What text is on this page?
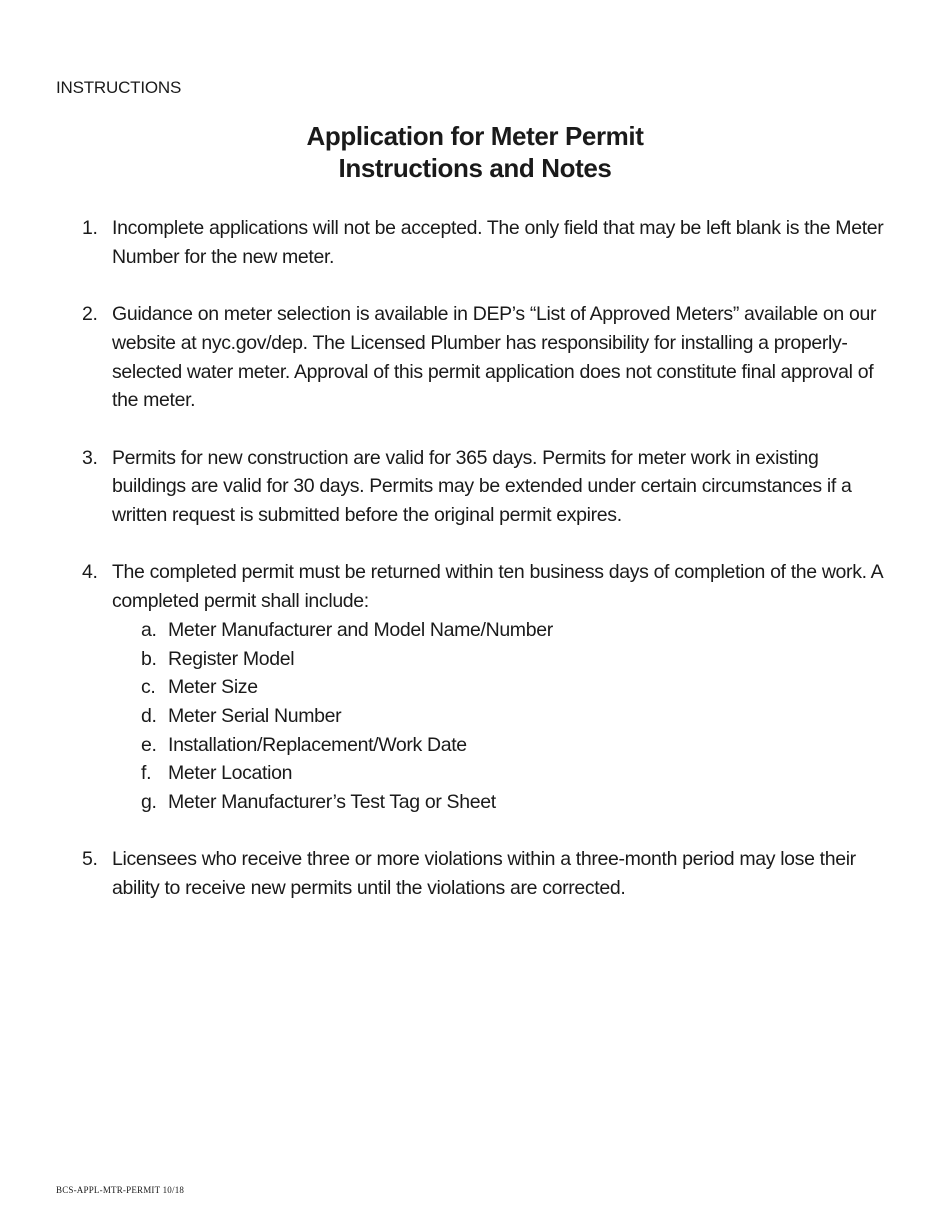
INSTRUCTIONS
Application for Meter Permit
Instructions and Notes
1. Incomplete applications will not be accepted. The only field that may be left blank is the Meter Number for the new meter.
2. Guidance on meter selection is available in DEP’s “List of Approved Meters” available on our website at nyc.gov/dep. The Licensed Plumber has responsibility for installing a properly-selected water meter. Approval of this permit application does not constitute final approval of the meter.
3. Permits for new construction are valid for 365 days. Permits for meter work in existing buildings are valid for 30 days. Permits may be extended under certain circumstances if a written request is submitted before the original permit expires.
4. The completed permit must be returned within ten business days of completion of the work. A completed permit shall include:
a. Meter Manufacturer and Model Name/Number
b. Register Model
c. Meter Size
d. Meter Serial Number
e. Installation/Replacement/Work Date
f. Meter Location
g. Meter Manufacturer’s Test Tag or Sheet
5. Licensees who receive three or more violations within a three-month period may lose their ability to receive new permits until the violations are corrected.
BCS-APPL-MTR-PERMIT 10/18
